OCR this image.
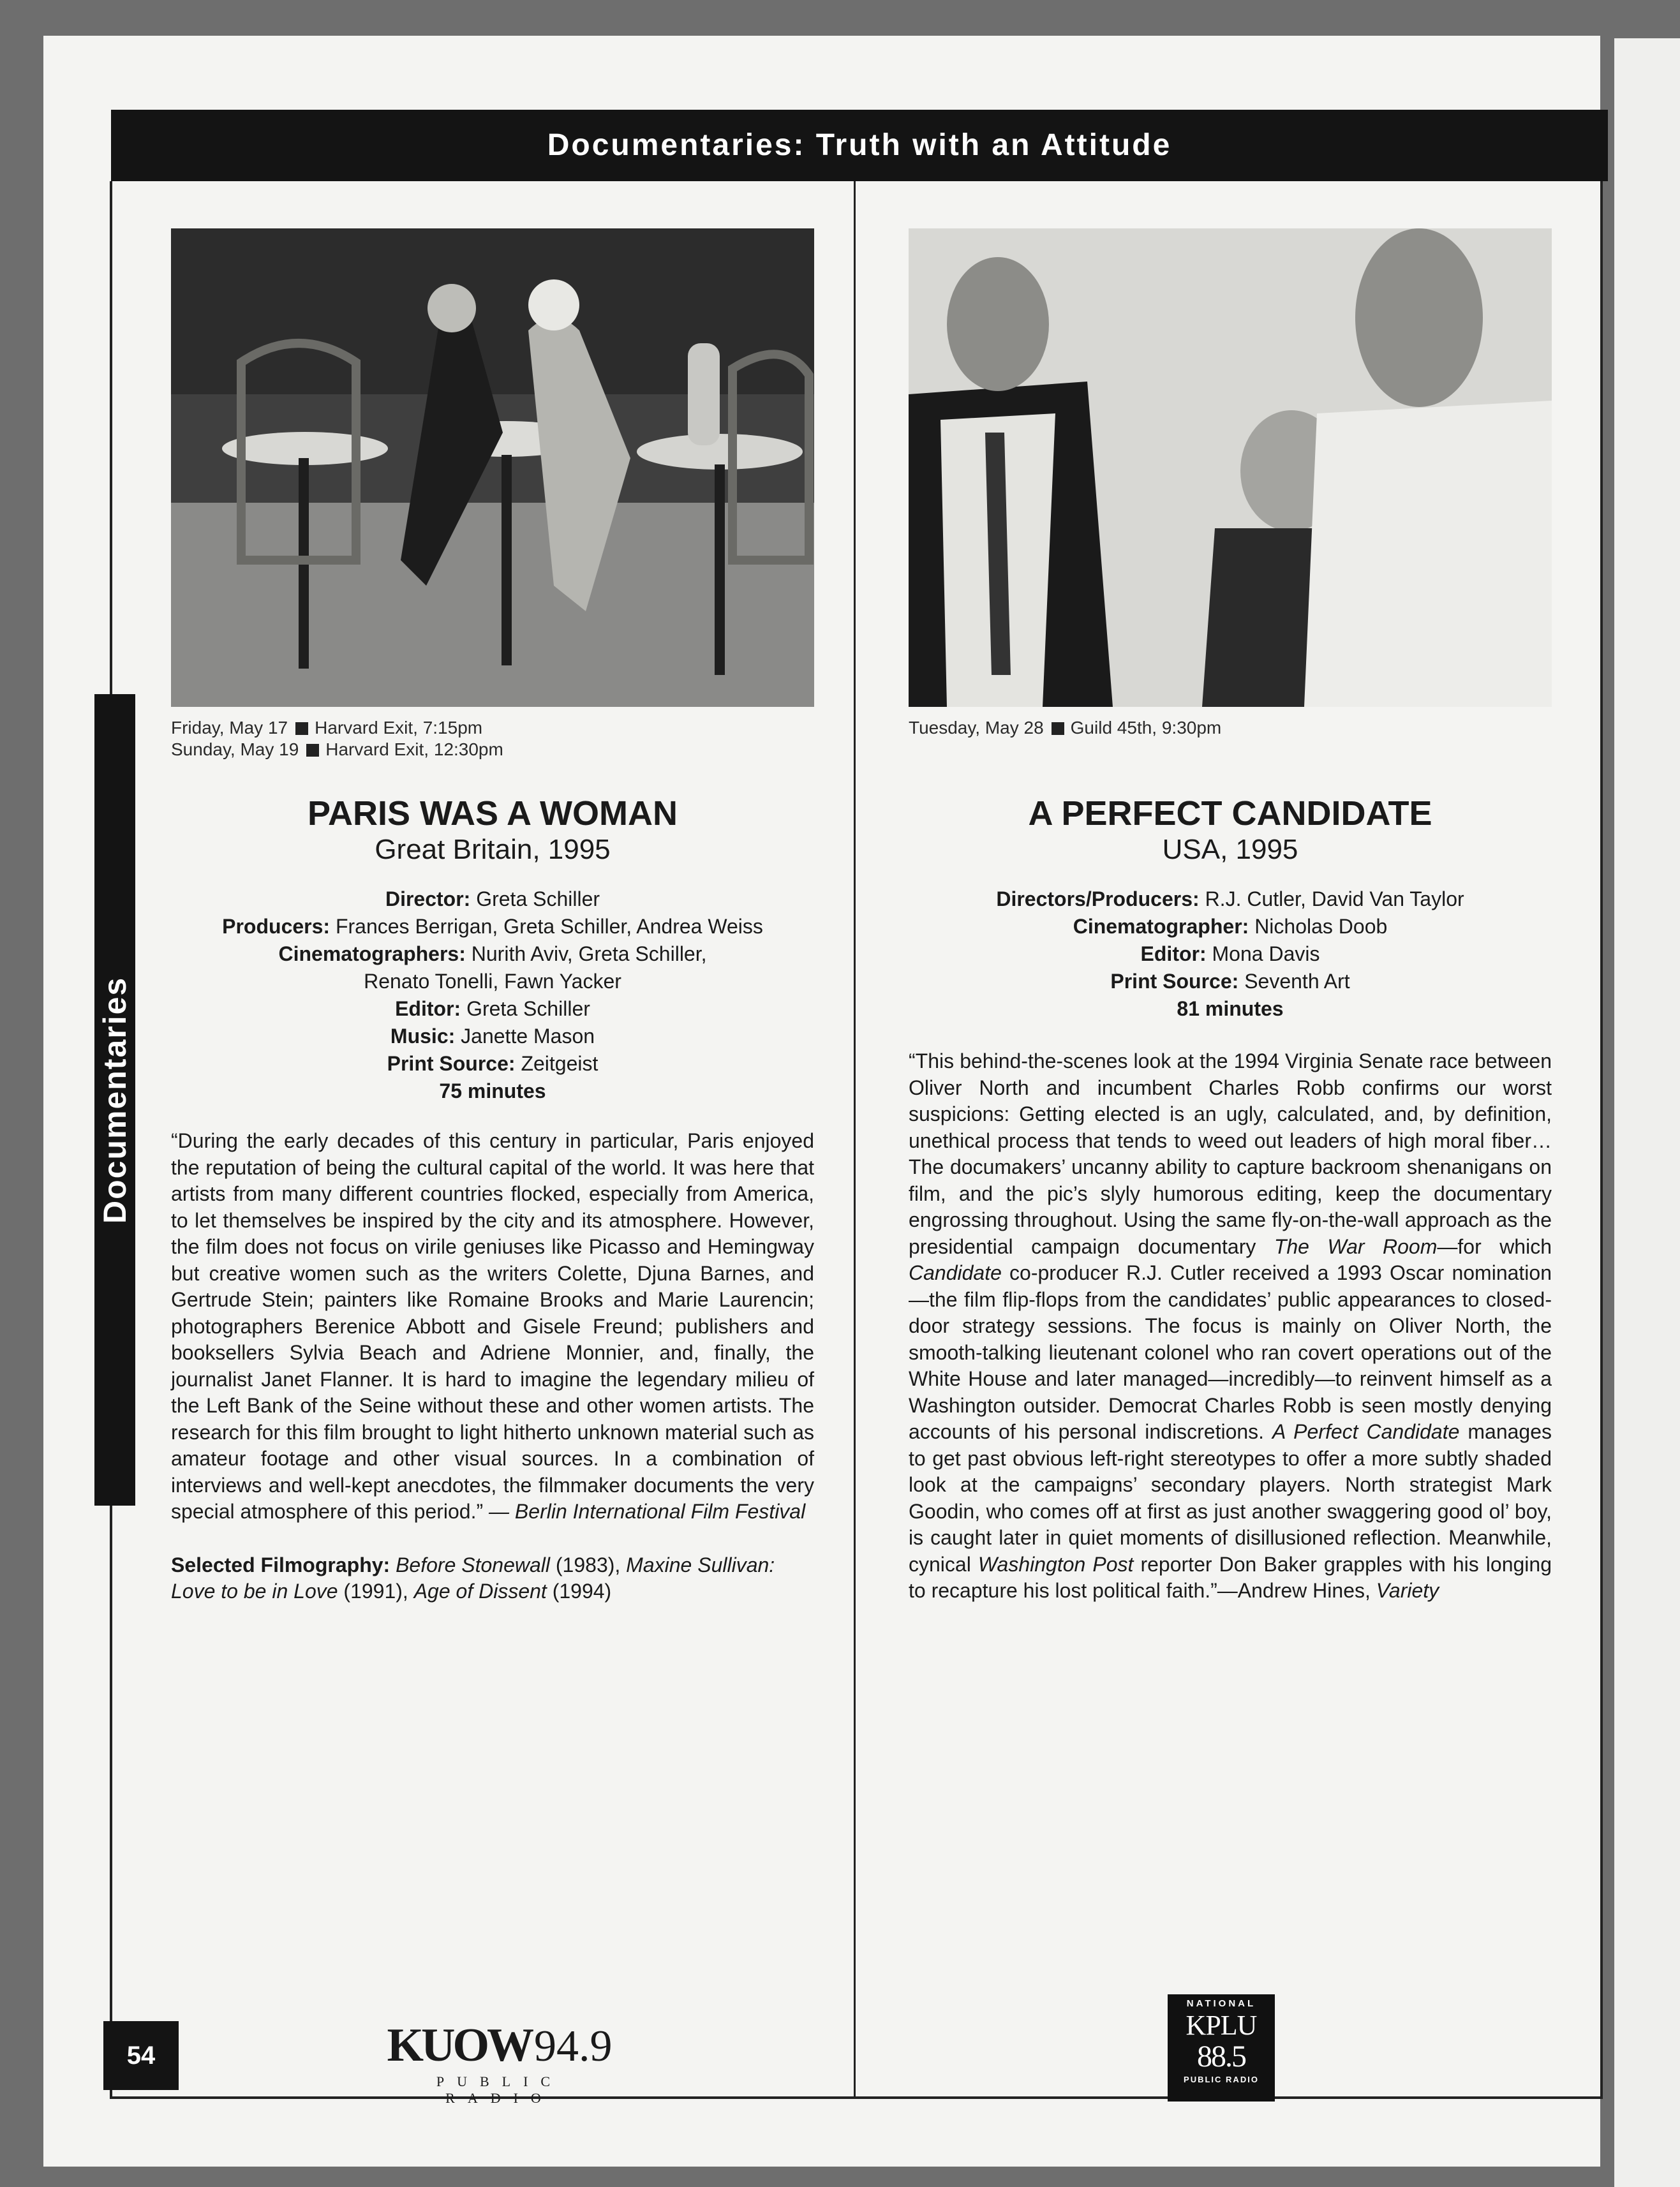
Documentaries: Truth with an Attitude
Documentaries
54
Friday, May 17 Harvard Exit, 7:15pm
Sunday, May 19 Harvard Exit, 12:30pm
Tuesday, May 28 Guild 45th, 9:30pm
PARIS WAS A WOMAN
Great Britain, 1995
Director: Greta Schiller
Producers: Frances Berrigan, Greta Schiller, Andrea Weiss
Cinematographers: Nurith Aviv, Greta Schiller,
Renato Tonelli, Fawn Yacker
Editor: Greta Schiller
Music: Janette Mason
Print Source: Zeitgeist
75 minutes
“During the early decades of this century in particular, Paris enjoyed the reputation of being the cultural capital of the world. It was here that artists from many different countries flocked, especially from America, to let themselves be inspired by the city and its atmosphere. However, the film does not focus on virile geniuses like Picasso and Hemingway but creative women such as the writers Colette, Djuna Barnes, and Gertrude Stein; painters like Romaine Brooks and Marie Laurencin; photographers Berenice Abbott and Gisele Freund; publishers and booksellers Sylvia Beach and Adriene Monnier, and, finally, the journalist Janet Flanner. It is hard to imagine the legendary milieu of the Left Bank of the Seine without these and other women artists. The research for this film brought to light hitherto unknown material such as amateur footage and other visual sources. In a combination of interviews and well-kept anecdotes, the filmmaker documents the very special atmosphere of this period.” — Berlin International Film Festival
Selected Filmography: Before Stonewall (1983), Maxine Sullivan: Love to be in Love (1991), Age of Dissent (1994)
A PERFECT CANDIDATE
USA, 1995
Directors/Producers: R.J. Cutler, David Van Taylor
Cinematographer: Nicholas Doob
Editor: Mona Davis
Print Source: Seventh Art
81 minutes
“This behind-the-scenes look at the 1994 Virginia Senate race between Oliver North and incumbent Charles Robb confirms our worst suspicions: Getting elected is an ugly, calculated, and, by definition, unethical process that tends to weed out leaders of high moral fiber…The documakers’ uncanny ability to capture backroom shenanigans on film, and the pic’s slyly humorous editing, keep the documentary engrossing throughout. Using the same fly-on-the-wall approach as the presidential campaign documentary The War Room—for which Candidate co-producer R.J. Cutler received a 1993 Oscar nomination—the film flip-flops from the candidates’ public appearances to closed-door strategy sessions. The focus is mainly on Oliver North, the smooth-talking lieutenant colonel who ran covert operations out of the White House and later managed—incredibly—to reinvent himself as a Washington outsider. Democrat Charles Robb is seen mostly denying accounts of his personal indiscretions. A Perfect Candidate manages to get past obvious left-right stereotypes to offer a more subtly shaded look at the campaigns’ secondary players. North strategist Mark Goodin, who comes off at first as just another swaggering good ol’ boy, is caught later in quiet moments of disillusioned reflection. Meanwhile, cynical Washington Post reporter Don Baker grapples with his longing to recapture his lost political faith.”—Andrew Hines, Variety
KUOW 94.9
PUBLIC RADIO
NATIONAL
KPLU
88.5
PUBLIC RADIO
